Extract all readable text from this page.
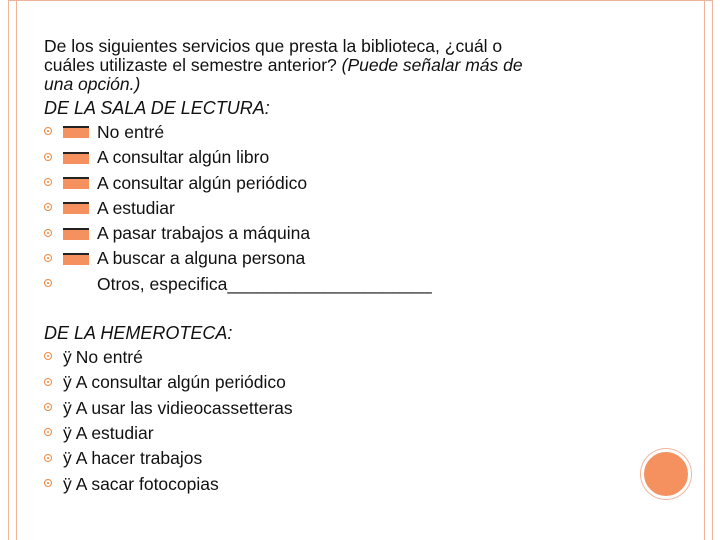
De los siguientes servicios que presta la biblioteca, ¿cuál o
cuáles utilizaste el semestre anterior? (Puede señalar más de
una opción.)

DE LA SALA DE LECTURA:
No entré
A consultar algún libro
A consultar algún periódico
A estudiar
A pasar trabajos a máquina
A buscar a alguna persona
Otros, especifica_____________________
DE LA HEMEROTECA:
ÿ No entré
ÿ A consultar algún periódico
ÿ A usar las vidieocassetteras
ÿ A estudiar
ÿ A hacer trabajos
ÿ A sacar fotocopias
